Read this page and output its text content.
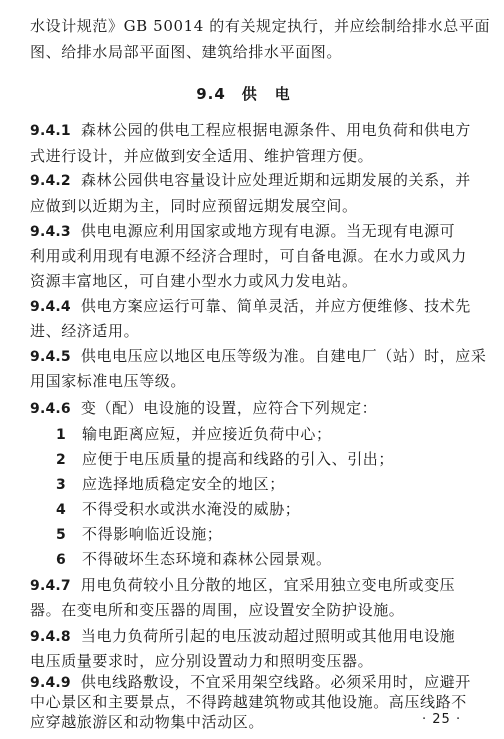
水设计规范》GB 50014 的有关规定执行，并应绘制给排水总平面
图、给排水局部平面图、建筑给排水平面图。
9.4 供电
9.4.1 森林公园的供电工程应根据电源条件、用电负荷和供电方
式进行设计，并应做到安全适用、维护管理方便。
9.4.2 森林公园供电容量设计应处理近期和远期发展的关系，并
应做到以近期为主，同时应预留远期发展空间。
9.4.3 供电电源应利用国家或地方现有电源。当无现有电源可
利用或利用现有电源不经济合理时，可自备电源。在水力或风力
资源丰富地区，可自建小型水力或风力发电站。
9.4.4 供电方案应运行可靠、简单灵活，并应方便维修、技术先
进、经济适用。
9.4.5 供电电压应以地区电压等级为准。自建电厂（站）时，应采
用国家标准电压等级。
9.4.6 变（配）电设施的设置，应符合下列规定：
1 输电距离应短，并应接近负荷中心；
2 应便于电压质量的提高和线路的引入、引出；
3 应选择地质稳定安全的地区；
4 不得受积水或洪水淹没的威胁；
5 不得影响临近设施；
6 不得破坏生态环境和森林公园景观。
9.4.7 用电负荷较小且分散的地区，宜采用独立变电所或变压
器。在变电所和变压器的周围，应设置安全防护设施。
9.4.8 当电力负荷所引起的电压波动超过照明或其他用电设施
电压质量要求时，应分别设置动力和照明变压器。
9.4.9 供电线路敷设，不宜采用架空线路。必须采用时，应避开
中心景区和主要景点，不得跨越建筑物或其他设施。高压线路不
应穿越旅游区和动物集中活动区。	· 25 ·
